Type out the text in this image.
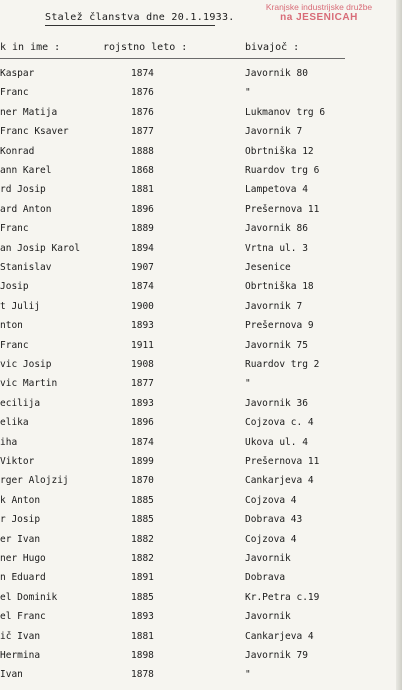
Stalež članstva dne 20.1.1933.
Kranjske industrijske družbe
na JESENICAH
k in ime :	rojstno leto :	bivajoč :
Kaspar	1874	Javornik 80
Franc	1876	"
ner Matija	1876	Lukmanov trg 6
Franc Ksaver	1877	Javornik 7
Konrad	1888	Obrtniška 12
ann Karel	1868	Ruardov trg 6
rd Josip	1881	Lampetova 4
ard Anton	1896	Prešernova 11
Franc	1889	Javornik 86
an Josip Karol	1894	Vrtna ul. 3
Stanislav	1907	Jesenice
Josip	1874	Obrtniška 18
t Julij	1900	Javornik 7
nton	1893	Prešernova 9
Franc	1911	Javornik 75
vic Josip	1908	Ruardov trg 2
vic Martin	1877	"
ecilija	1893	Javornik 36
elika	1896	Cojzova c. 4
iha	1874	Ukova ul. 4
Viktor	1899	Prešernova 11
rger Alojzij	1870	Cankarjeva 4
k Anton	1885	Cojzova 4
r Josip	1885	Dobrava 43
er Ivan	1882	Cojzova 4
ner Hugo	1882	Javornik
n Eduard	1891	Dobrava
el Dominik	1885	Kr.Petra c.19
el Franc	1893	Javornik
ič Ivan	1881	Cankarjeva 4
Hermina	1898	Javornik 79
Ivan	1878	"
